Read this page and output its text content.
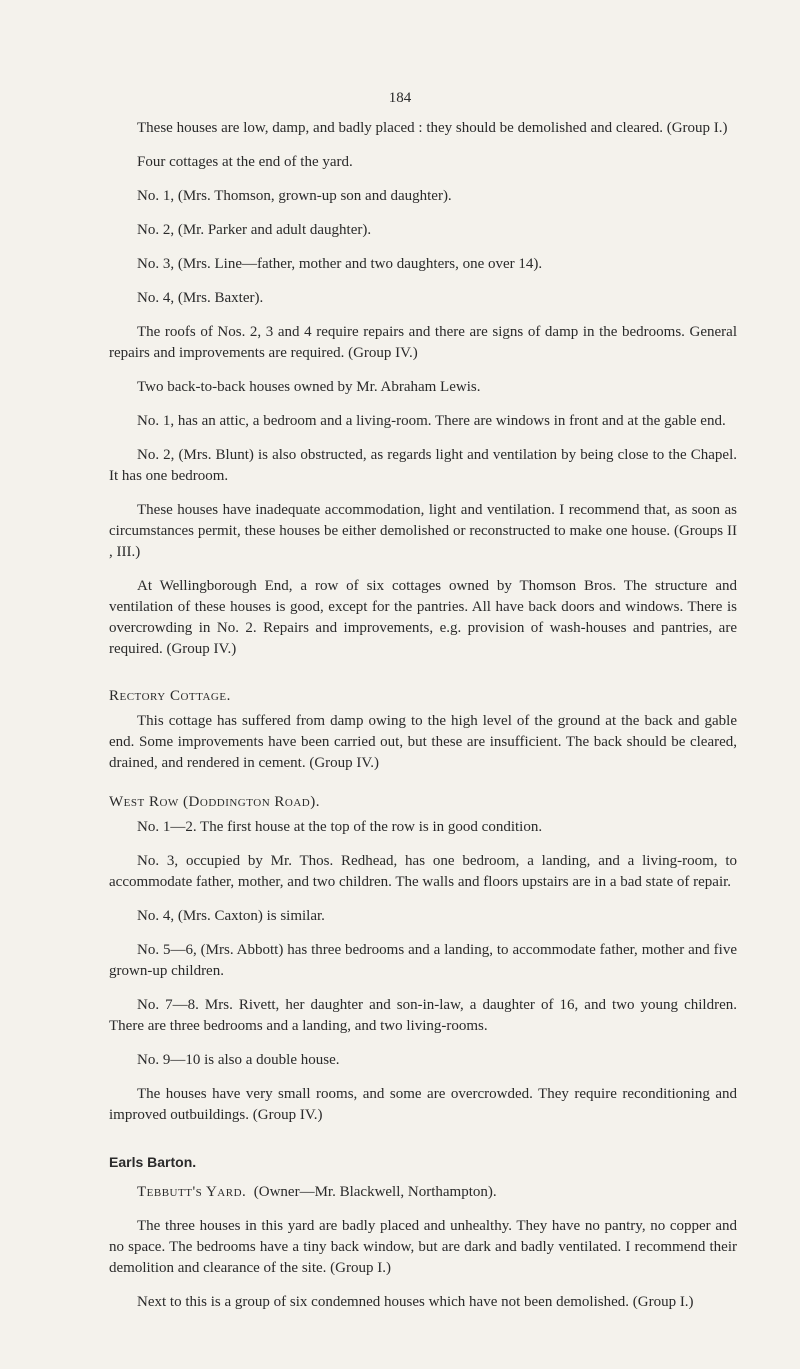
184

These houses are low, damp, and badly placed : they should be demolished and cleared. (Group I.)

Four cottages at the end of the yard.

No. 1, (Mrs. Thomson, grown-up son and daughter).

No. 2, (Mr. Parker and adult daughter).

No. 3, (Mrs. Line—father, mother and two daughters, one over 14).

No. 4, (Mrs. Baxter).

The roofs of Nos. 2, 3 and 4 require repairs and there are signs of damp in the bedrooms. General repairs and improvements are required. (Group IV.)

Two back-to-back houses owned by Mr. Abraham Lewis.

No. 1, has an attic, a bedroom and a living-room. There are windows in front and at the gable end.

No. 2, (Mrs. Blunt) is also obstructed, as regards light and ventilation by being close to the Chapel. It has one bedroom.

These houses have inadequate accommodation, light and ventilation. I recommend that, as soon as circumstances permit, these houses be either demolished or reconstructed to make one house. (Groups II , III.)

At Wellingborough End, a row of six cottages owned by Thomson Bros. The structure and ventilation of these houses is good, except for the pantries. All have back doors and windows. There is overcrowding in No. 2. Repairs and improvements, e.g. provision of wash-houses and pantries, are required. (Group IV.)

Rectory Cottage.

This cottage has suffered from damp owing to the high level of the ground at the back and gable end. Some improvements have been carried out, but these are insufficient. The back should be cleared, drained, and rendered in cement. (Group IV.)

West Row (Doddington Road).

No. 1—2. The first house at the top of the row is in good condition.

No. 3, occupied by Mr. Thos. Redhead, has one bedroom, a landing, and a living-room, to accommodate father, mother, and two children. The walls and floors upstairs are in a bad state of repair.

No. 4, (Mrs. Caxton) is similar.

No. 5—6, (Mrs. Abbott) has three bedrooms and a landing, to accommodate father, mother and five grown-up children.

No. 7—8. Mrs. Rivett, her daughter and son-in-law, a daughter of 16, and two young children. There are three bedrooms and a landing, and two living-rooms.

No. 9—10 is also a double house.

The houses have very small rooms, and some are overcrowded. They require reconditioning and improved outbuildings. (Group IV.)

Earls Barton.

Tebbutt's Yard. (Owner—Mr. Blackwell, Northampton).

The three houses in this yard are badly placed and unhealthy. They have no pantry, no copper and no space. The bedrooms have a tiny back window, but are dark and badly ventilated. I recommend their demolition and clearance of the site. (Group I.)

Next to this is a group of six condemned houses which have not been demolished. (Group I.)
